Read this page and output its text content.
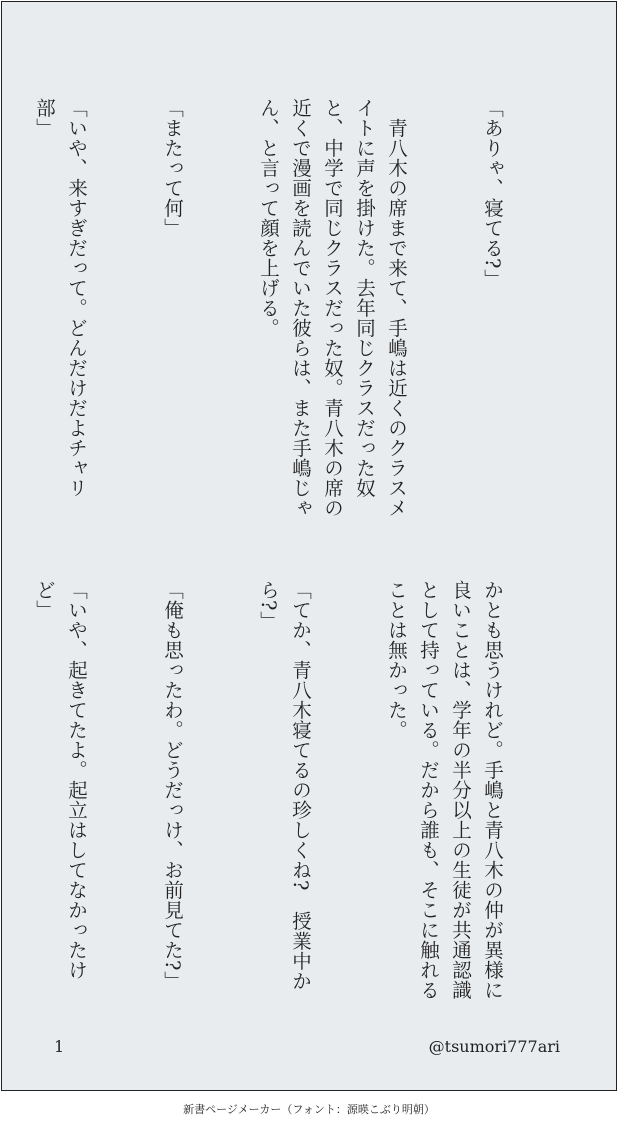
「ありゃ、寝てる?」

　青八木の席まで来て、手嶋は近くのクラスメイトに声を掛けた。去年同じクラスだった奴と、中学で同じクラスだった奴。青八木の席の近くで漫画を読んでいた彼らは、また手嶋じゃん、と言って顔を上げる。

「またって何」

「いや、来すぎだって。どんだけだよチャリ部」

かとも思うけれど。手嶋と青八木の仲が異様に良いことは、学年の半分以上の生徒が共通認識として持っている。だから誰も、そこに触れることは無かった。

「てか、青八木寝てるの珍しくね?　授業中から?」

「俺も思ったわ。どうだっけ、お前見てた?」

「いや、起きてたよ。起立はしてなかったけど」

1	@tsumori777ari
新書ページメーカー（フォント：源暎こぶり明朝）
